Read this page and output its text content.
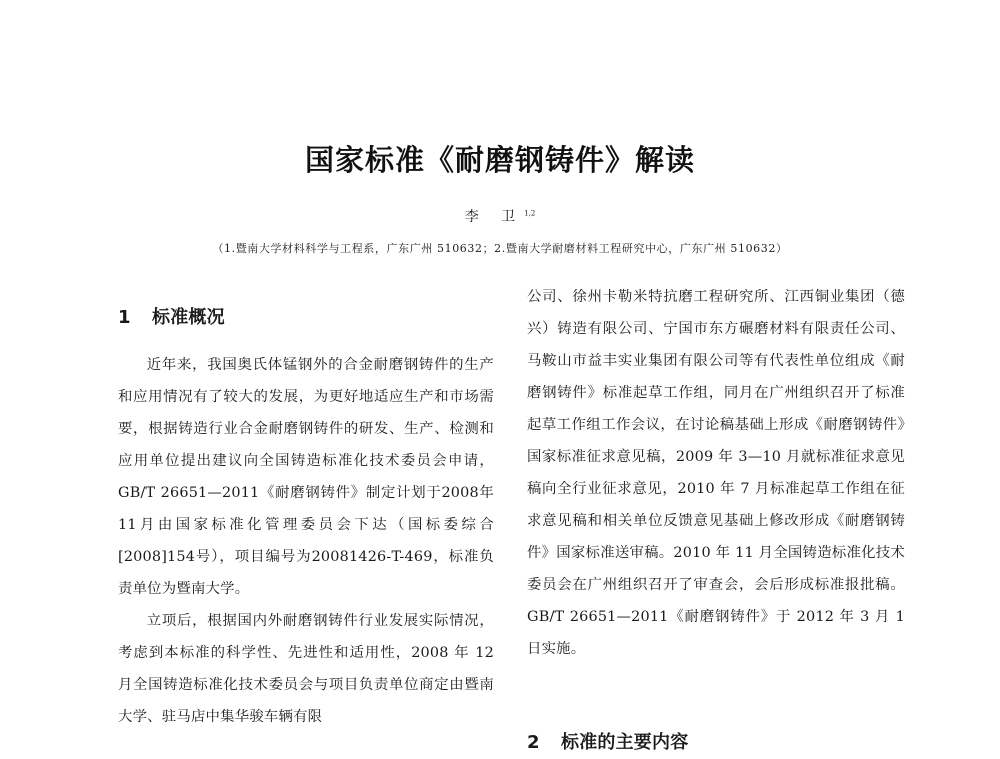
国家标准《耐磨钢铸件》解读
李 卫$^{1,2}$
（1.暨南大学材料科学与工程系，广东广州 510632；2.暨南大学耐磨材料工程研究中心，广东广州 510632）
1 标准概况

近年来，我国奥氏体锰钢外的合金耐磨钢铸件的生产和应用情况有了较大的发展，为更好地适应生产和市场需要，根据铸造行业合金耐磨钢铸件的研发、生产、检测和应用单位提出建议向全国铸造标准化技术委员会申请，GB/T 26651—2011《耐磨钢铸件》制定计划于2008年11月由国家标准化管理委员会下达（国标委综合[2008]154号），项目编号为20081426-T-469，标准负责单位为暨南大学。

立项后，根据国内外耐磨钢铸件行业发展实际情况，考虑到本标准的科学性、先进性和适用性，2008 年 12 月全国铸造标准化技术委员会与项目负责单位商定由暨南大学、驻马店中集华骏车辆有限

公司、徐州卡勒米特抗磨工程研究所、江西铜业集团（德兴）铸造有限公司、宁国市东方碾磨材料有限责任公司、马鞍山市益丰实业集团有限公司等有代表性单位组成《耐磨钢铸件》标准起草工作组，同月在广州组织召开了标准起草工作组工作会议，在讨论稿基础上形成《耐磨钢铸件》国家标准征求意见稿，2009 年 3—10 月就标准征求意见稿向全行业征求意见，2010 年 7 月标准起草工作组在征求意见稿和相关单位反馈意见基础上修改形成《耐磨钢铸件》国家标准送审稿。2010 年 11 月全国铸造标准化技术委员会在广州组织召开了审查会，会后形成标准报批稿。GB/T 26651—2011《耐磨钢铸件》于 2012 年 3 月 1 日实施。

2 标准的主要内容
